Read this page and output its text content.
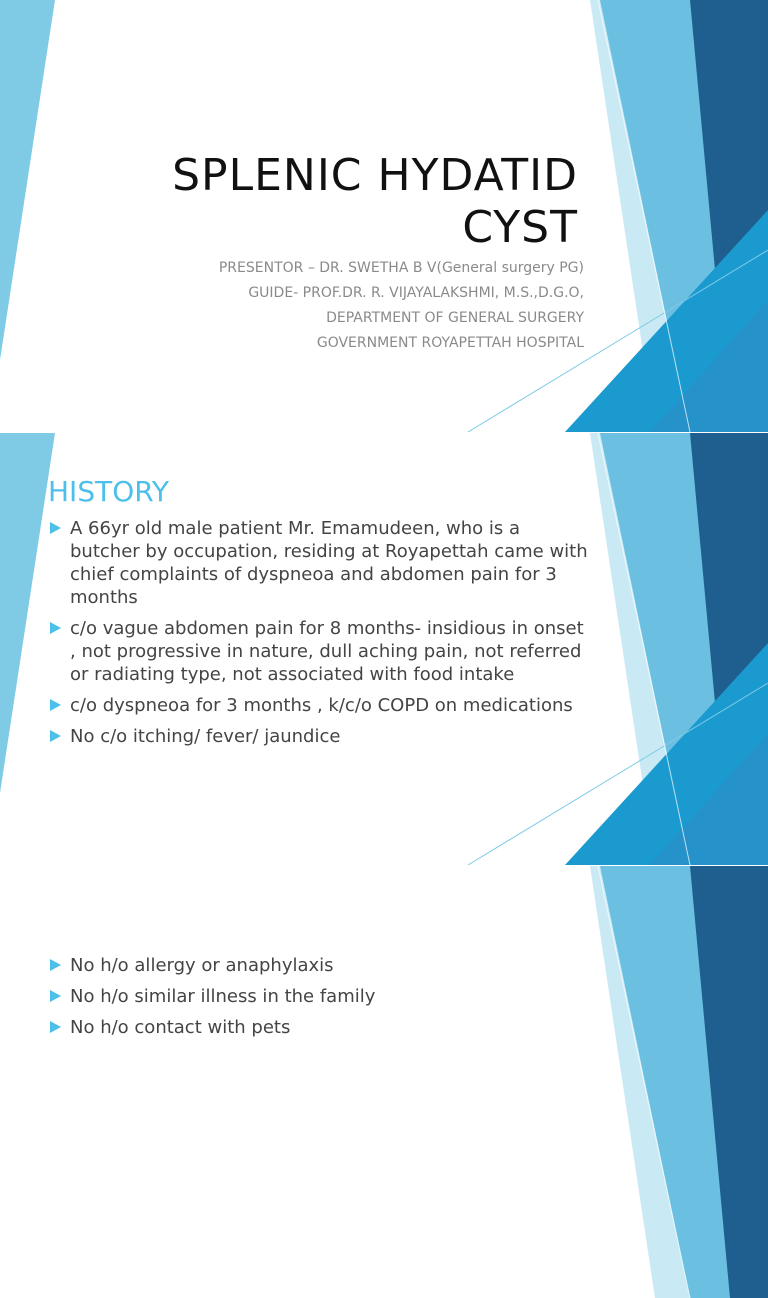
SPLENIC HYDATID
CYST
PRESENTOR – DR. SWETHA B V(General surgery PG)
GUIDE- PROF.DR. R. VIJAYALAKSHMI, M.S.,D.G.O,
DEPARTMENT OF GENERAL SURGERY
GOVERNMENT ROYAPETTAH HOSPITAL
HISTORY
A 66yr old male patient Mr. Emamudeen, who is a butcher by occupation, residing at Royapettah came with chief complaints of dyspneoa and abdomen pain for 3 months
c/o vague abdomen pain for 8 months- insidious in onset , not progressive in nature, dull aching pain, not referred or radiating type, not associated with food intake
c/o dyspneoa for 3 months , k/c/o COPD on medications
No c/o itching/ fever/ jaundice
No h/o allergy or anaphylaxis
No h/o similar illness in the family
No h/o contact with pets
